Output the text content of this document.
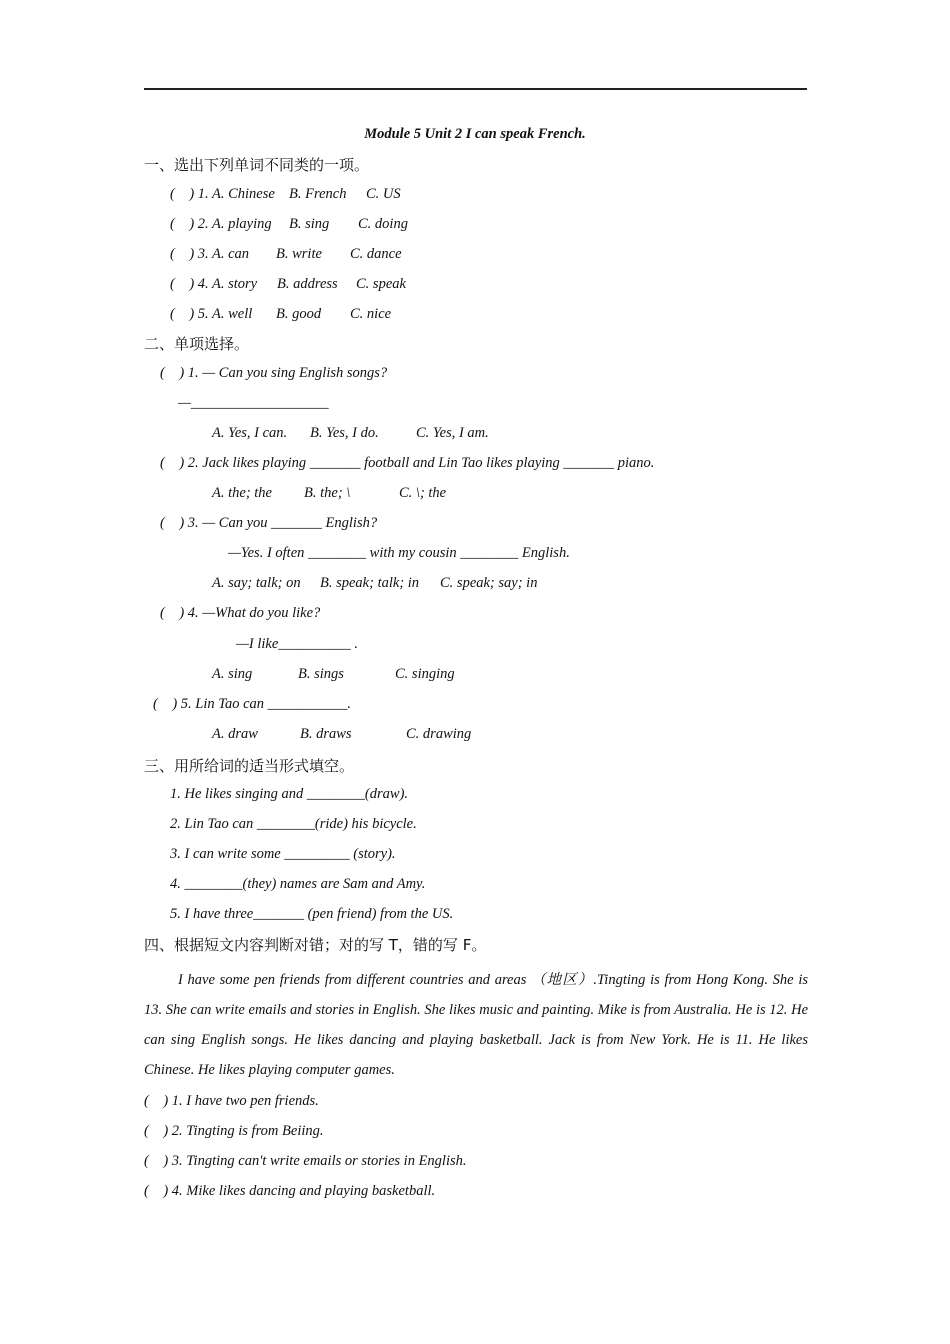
Module 5 Unit 2 I can speak French.
一、选出下列单词不同类的一项。
(    ) 1. A. Chinese B. French C. US
(    ) 2. A. playing B. sing C. doing
(    ) 3. A. can B. write C. dance
(    ) 4. A. story B. address C. speak
(    ) 5. A. well B. good C. nice
二、单项选择。
(    ) 1. — Can you sing English songs?
—___________________
A. Yes, I can. B. Yes, I do.	C. Yes, I am.
(    ) 2. Jack likes playing _______ football and Lin Tao likes playing _______ piano.
A. the; the B. the; \	C. \; the
(    ) 3. — Can you _______ English?
—Yes. I often ________ with my cousin ________ English.
A. say; talk; on B. speak; talk; in C. speak; say; in
(    ) 4. —What do you like?
—I like__________ .
A. sing	B. sings	C. singing
(    ) 5. Lin Tao can ___________.
A. draw	B. draws	C. drawing
三、用所给词的适当形式填空。
1. He likes singing and ________(draw).
2. Lin Tao can ________(ride) his bicycle.
3. I can write some _________ (story).
4. ________(they) names are Sam and Amy.
5. I have three_______ (pen friend) from the US.
四、根据短文内容判断对错；对的写 T，错的写 F。
I have some pen friends from different countries and areas （地区）.Tingting is from Hong Kong. She is 13. She can write emails and stories in English. She likes music and painting. Mike is from Australia. He is 12. He can sing English songs. He likes dancing and playing basketball. Jack is from New York. He is 11. He likes Chinese. He likes playing computer games.
(    ) 1. I have two pen friends.
(    ) 2. Tingting is from Beiing.
(    ) 3. Tingting can't write emails or stories in English.
(    ) 4. Mike likes dancing and playing basketball.
